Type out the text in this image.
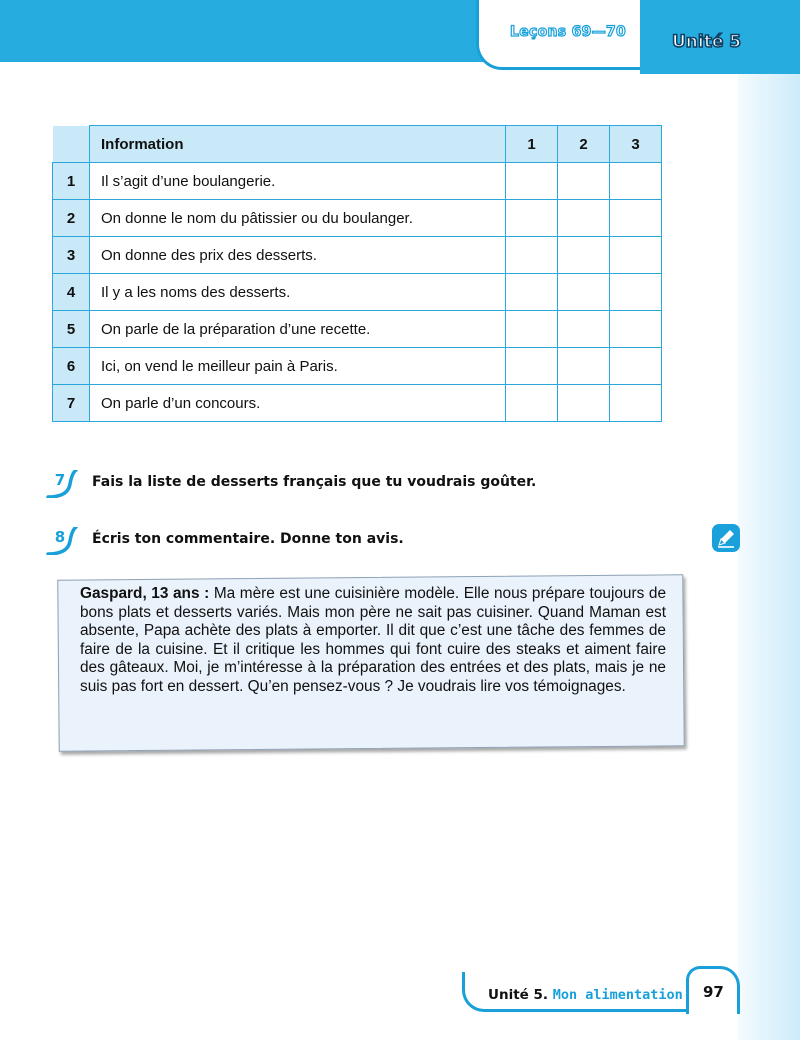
Leçons 69—70	Unité 5
	Information	1	2	3
1	Il s’agit d’une boulangerie.			
2	On donne le nom du pâtissier ou du boulanger.			
3	On donne des prix des desserts.			
4	Il y a les noms des desserts.			
5	On parle de la préparation d’une recette.			
6	Ici, on vend le meilleur pain à Paris.			
7	On parle d’un concours.			
7	Fais la liste de desserts français que tu voudrais goûter.
8	Écris ton commentaire. Donne ton avis.
Gaspard, 13 ans : Ma mère est une cuisinière modèle. Elle nous prépare toujours de bons plats et desserts variés. Mais mon père ne sait pas cuisiner. Quand Maman est absente, Papa achète des plats à emporter. Il dit que c’est une tâche des femmes de faire de la cuisine. Et il critique les hommes qui font cuire des steaks et aiment faire des gâteaux. Moi, je m’intéresse à la préparation des entrées et des plats, mais je ne suis pas fort en dessert. Qu’en pensez-vous ? Je voudrais lire vos témoignages.
Unité 5. Mon alimentation 97
